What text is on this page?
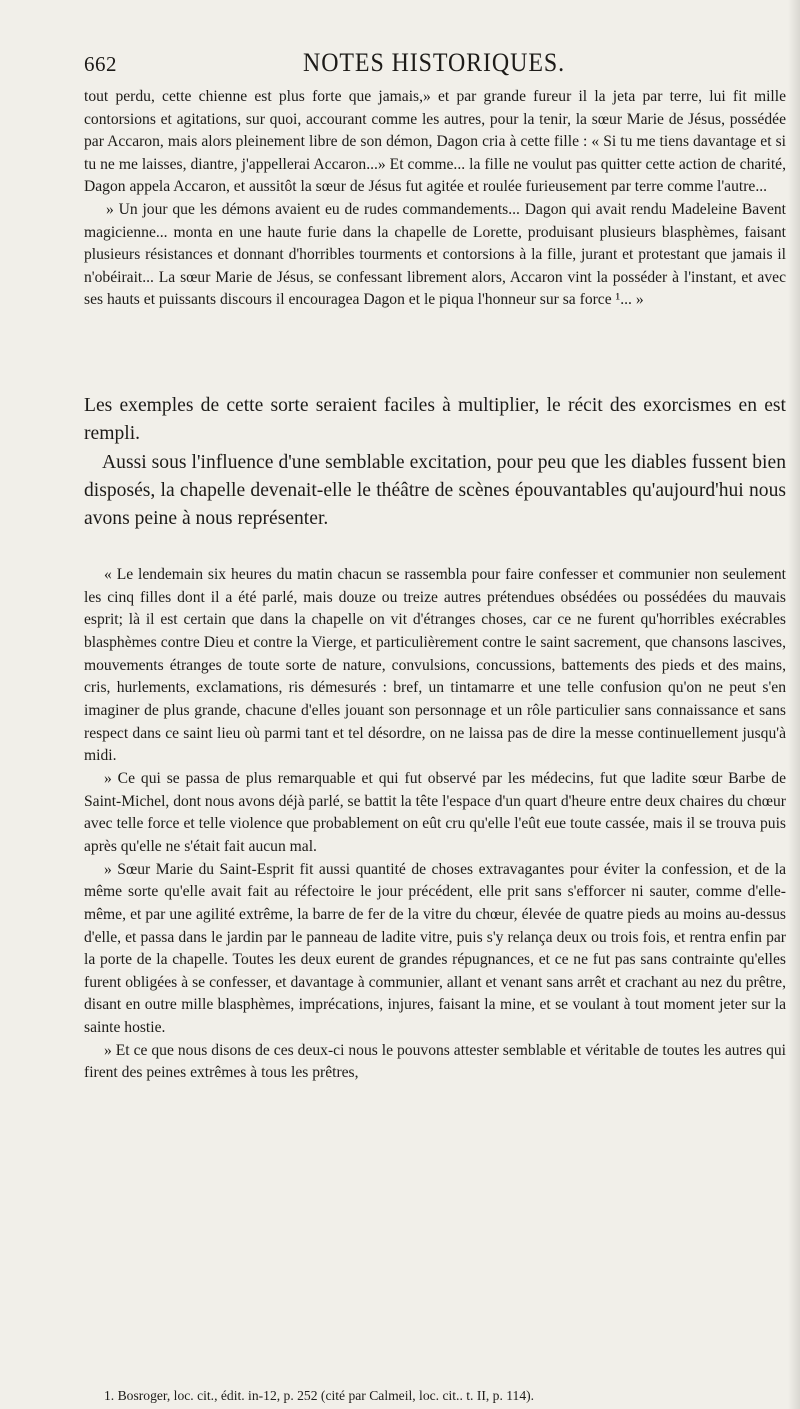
662	NOTES HISTORIQUES.

tout perdu, cette chienne est plus forte que jamais,» et par grande fureur il la jeta par terre, lui fit mille contorsions et agitations, sur quoi, accourant comme les autres, pour la tenir, la sœur Marie de Jésus, possédée par Accaron, mais alors pleinement libre de son démon, Dagon cria à cette fille : « Si tu me tiens davantage et si tu ne me laisses, diantre, j'appellerai Accaron...» Et comme... la fille ne voulut pas quitter cette action de charité, Dagon appela Accaron, et aussitôt la sœur de Jésus fut agitée et roulée furieusement par terre comme l'autre...

» Un jour que les démons avaient eu de rudes commandements... Dagon qui avait rendu Madeleine Bavent magicienne... monta en une haute furie dans la chapelle de Lorette, produisant plusieurs blasphèmes, faisant plusieurs résistances et donnant d'horribles tourments et contorsions à la fille, jurant et protestant que jamais il n'obéirait... La sœur Marie de Jésus, se confessant librement alors, Accaron vint la posséder à l'instant, et avec ses hauts et puissants discours il encouragea Dagon et le piqua l'honneur sur sa force ¹... »

Les exemples de cette sorte seraient faciles à multiplier, le récit des exorcismes en est rempli.

Aussi sous l'influence d'une semblable excitation, pour peu que les diables fussent bien disposés, la chapelle devenait-elle le théâtre de scènes épouvantables qu'aujourd'hui nous avons peine à nous représenter.

« Le lendemain six heures du matin chacun se rassembla pour faire confesser et communier non seulement les cinq filles dont il a été parlé, mais douze ou treize autres prétendues obsédées ou possédées du mauvais esprit; là il est certain que dans la chapelle on vit d'étranges choses, car ce ne furent qu'horribles exécrables blasphèmes contre Dieu et contre la Vierge, et particulièrement contre le saint sacrement, que chansons lascives, mouvements étranges de toute sorte de nature, convulsions, concussions, battements des pieds et des mains, cris, hurlements, exclamations, ris démesurés : bref, un tintamarre et une telle confusion qu'on ne peut s'en imaginer de plus grande, chacune d'elles jouant son personnage et un rôle particulier sans connaissance et sans respect dans ce saint lieu où parmi tant et tel désordre, on ne laissa pas de dire la messe continuellement jusqu'à midi.

» Ce qui se passa de plus remarquable et qui fut observé par les médecins, fut que ladite sœur Barbe de Saint-Michel, dont nous avons déjà parlé, se battit la tête l'espace d'un quart d'heure entre deux chaires du chœur avec telle force et telle violence que probablement on eût cru qu'elle l'eût eue toute cassée, mais il se trouva puis après qu'elle ne s'était fait aucun mal.

» Sœur Marie du Saint-Esprit fit aussi quantité de choses extravagantes pour éviter la confession, et de la même sorte qu'elle avait fait au réfectoire le jour précédent, elle prit sans s'efforcer ni sauter, comme d'elle-même, et par une agilité extrême, la barre de fer de la vitre du chœur, élevée de quatre pieds au moins au-dessus d'elle, et passa dans le jardin par le panneau de ladite vitre, puis s'y relança deux ou trois fois, et rentra enfin par la porte de la chapelle. Toutes les deux eurent de grandes répugnances, et ce ne fut pas sans contrainte qu'elles furent obligées à se confesser, et davantage à communier, allant et venant sans arrêt et crachant au nez du prêtre, disant en outre mille blasphèmes, imprécations, injures, faisant la mine, et se voulant à tout moment jeter sur la sainte hostie.

» Et ce que nous disons de ces deux-ci nous le pouvons attester semblable et véritable de toutes les autres qui firent des peines extrêmes à tous les prêtres,

1. Bosroger, loc. cit., édit. in-12, p. 252 (cité par Calmeil, loc. cit.. t. II, p. 114).
